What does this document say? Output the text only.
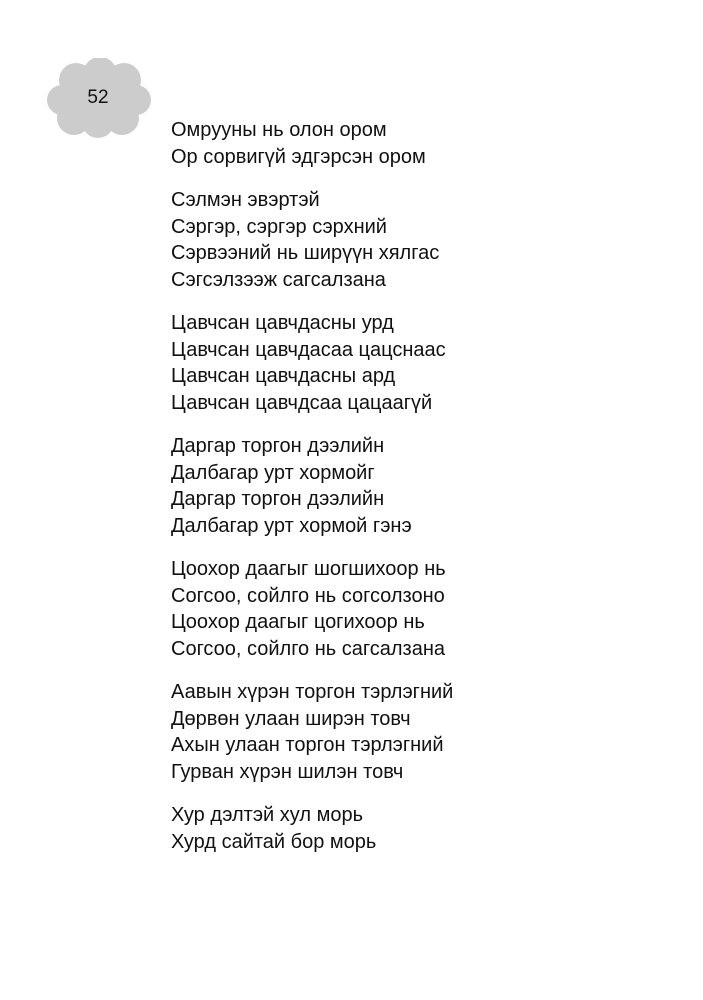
52
Омрууны нь олон ором
Ор сорвигүй эдгэрсэн ором
Сэлмэн эвэртэй
Сэргэр, сэргэр сэрхний
Сэрвээний нь ширүүн хялгас
Сэгсэлзээж сагсалзана
Цавчсан цавчдасны урд
Цавчсан цавчдасаа цацснаас
Цавчсан цавчдасны ард
Цавчсан цавчдсаа цацаагүй
Даргар торгон дээлийн
Далбагар урт хормойг
Даргар торгон дээлийн
Далбагар урт хормой гэнэ
Цоохор даагыг шогшихоор нь
Согсоо, сойлго нь согсолзоно
Цоохор даагыг цогихоор нь
Согсоо, сойлго нь сагсалзана
Аавын хүрэн торгон тэрлэгний
Дөрвөн улаан ширэн товч
Ахын улаан торгон тэрлэгний
Гурван хүрэн шилэн товч
Хур дэлтэй хул морь
Хурд сайтай бор морь
